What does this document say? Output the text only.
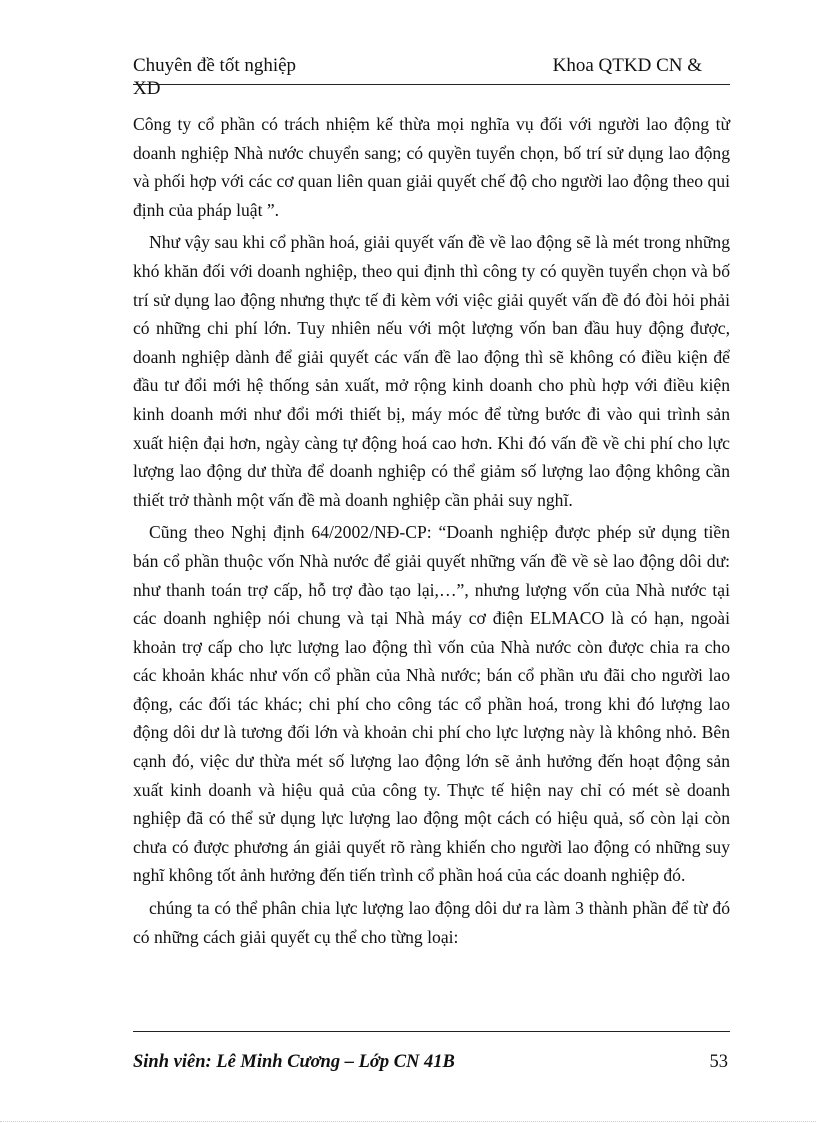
Chuyên đề tốt nghiệp	Khoa QTKD CN &
XD

Công ty cổ phần có trách nhiệm kế thừa mọi nghĩa vụ đối với người lao động từ doanh nghiệp Nhà nước chuyển sang; có quyền tuyển chọn, bố trí sử dụng lao động và phối hợp với các cơ quan liên quan giải quyết chế độ cho người lao động theo qui định của pháp luật ”.

Như vậy sau khi cổ phần hoá, giải quyết vấn đề về lao động sẽ là mét trong những khó khăn đối với doanh nghiệp, theo qui định thì công ty có quyền tuyển chọn và bố trí sử dụng lao động nhưng thực tế đi kèm với việc giải quyết vấn đề đó đòi hỏi phải có những chi phí lớn. Tuy nhiên nếu với một lượng vốn ban đầu huy động được, doanh nghiệp dành để giải quyết các vấn đề lao động thì sẽ không có điều kiện để đầu tư đổi mới hệ thống sản xuất, mở rộng kinh doanh cho phù hợp với điều kiện kinh doanh mới như đổi mới thiết bị, máy móc để từng bước đi vào qui trình sản xuất hiện đại hơn, ngày càng tự động hoá cao hơn. Khi đó vấn đề về chi phí cho lực lượng lao động dư thừa để doanh nghiệp có thể giảm số lượng lao động không cần thiết trở thành một vấn đề mà doanh nghiệp cần phải suy nghĩ.

Cũng theo Nghị định 64/2002/NĐ-CP: “Doanh nghiệp được phép sử dụng tiền bán cổ phần thuộc vốn Nhà nước để giải quyết những vấn đề về sè lao động dôi dư: như thanh toán trợ cấp, hỗ trợ đào tạo lại,…”, nhưng lượng vốn của Nhà nước tại các doanh nghiệp nói chung và tại Nhà máy cơ điện ELMACO là có hạn, ngoài khoản trợ cấp cho lực lượng lao động thì vốn của Nhà nước còn được chia ra cho các khoản khác như vốn cổ phần của Nhà nước; bán cổ phần ưu đãi cho người lao động, các đối tác khác; chi phí cho công tác cổ phần hoá, trong khi đó lượng lao động dôi dư là tương đối lớn và khoản chi phí cho lực lượng này là không nhỏ. Bên cạnh đó, việc dư thừa mét số lượng lao động lớn sẽ ảnh hưởng đến hoạt động sản xuất kinh doanh và hiệu quả của công ty. Thực tế hiện nay chỉ có mét sè doanh nghiệp đã có thể sử dụng lực lượng lao động một cách có hiệu quả, số còn lại còn chưa có được phương án giải quyết rõ ràng khiến cho người lao động có những suy nghĩ không tốt ảnh hưởng đến tiến trình cổ phần hoá của các doanh nghiệp đó.

chúng ta có thể phân chia lực lượng lao động dôi dư ra làm 3 thành phần để từ đó có những cách giải quyết cụ thể cho từng loại:

Sinh viên: Lê Minh Cương – Lớp CN 41B	53
